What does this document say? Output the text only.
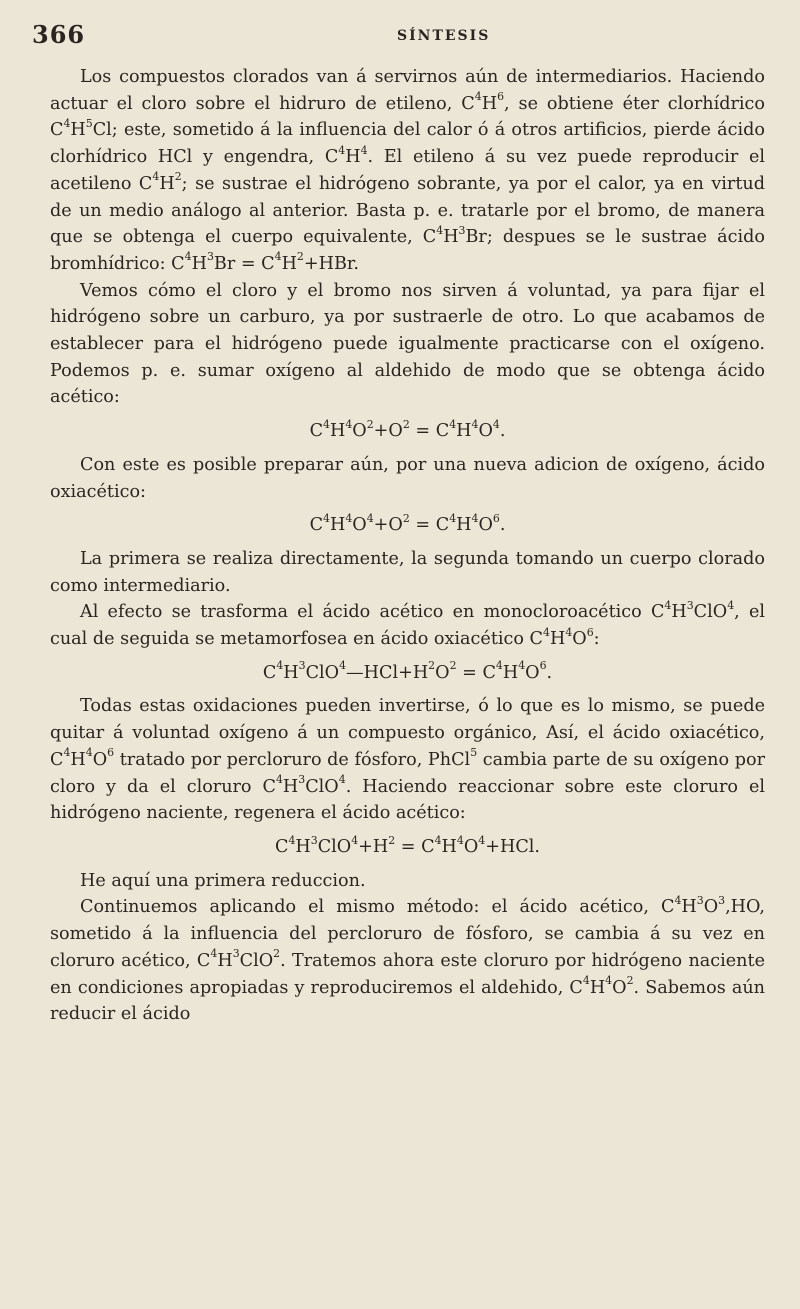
366	SÍNTESIS

Los compuestos clorados van á servirnos aún de intermediarios. Haciendo actuar el cloro sobre el hidruro de etileno, $C^4H^6$, se obtiene éter clorhídrico $C^4H^5Cl$; este, sometido á la influencia del calor ó á otros artificios, pierde ácido clorhídrico HCl y engendra, $C^4H^4$. El etileno á su vez puede reproducir el acetileno $C^4H^2$; se sustrae el hidrógeno sobrante, ya por el calor, ya en virtud de un medio análogo al anterior. Basta p. e. tratarle por el bromo, de manera que se obtenga el cuerpo equivalente, $C^4H^3Br$; despues se le sustrae ácido bromhídrico: $C^4H^3Br = C^4H^2+HBr$.

Vemos cómo el cloro y el bromo nos sirven á voluntad, ya para fijar el hidrógeno sobre un carburo, ya por sustraerle de otro. Lo que acabamos de establecer para el hidrógeno puede igualmente practicarse con el oxígeno. Podemos p. e. sumar oxígeno al aldehido de modo que se obtenga ácido acético:

$C^4H^4O^2+O^2 = C^4H^4O^4$.

Con este es posible preparar aún, por una nueva adicion de oxígeno, ácido oxiacético:

$C^4H^4O^4+O^2 = C^4H^4O^6$.

La primera se realiza directamente, la segunda tomando un cuerpo clorado como intermediario.

Al efecto se trasforma el ácido acético en monocloroacético $C^4H^3ClO^4$, el cual de seguida se metamorfosea en ácido oxiacético $C^4H^4O^6$:

$C^4H^3ClO^4—HCl+H^2O^2 = C^4H^4O^6$.

Todas estas oxidaciones pueden invertirse, ó lo que es lo mismo, se puede quitar á voluntad oxígeno á un compuesto orgánico, Así, el ácido oxiacético, $C^4H^4O^6$ tratado por percloruro de fósforo, PhCl$^5$ cambia parte de su oxígeno por cloro y da el cloruro $C^4H^3ClO^4$. Haciendo reaccionar sobre este cloruro el hidrógeno naciente, regenera el ácido acético:

$C^4H^3ClO^4+H^2 = C^4H^4O^4+HCl$.

He aquí una primera reduccion.

Continuemos aplicando el mismo método: el ácido acético, $C^4H^3O^3,HO$, sometido á la influencia del percloruro de fósforo, se cambia á su vez en cloruro acético, $C^4H^3ClO^2$. Tratemos ahora este cloruro por hidrógeno naciente en condiciones apropiadas y reproduciremos el aldehido, $C^4H^4O^2$. Sabemos aún reducir el ácido
